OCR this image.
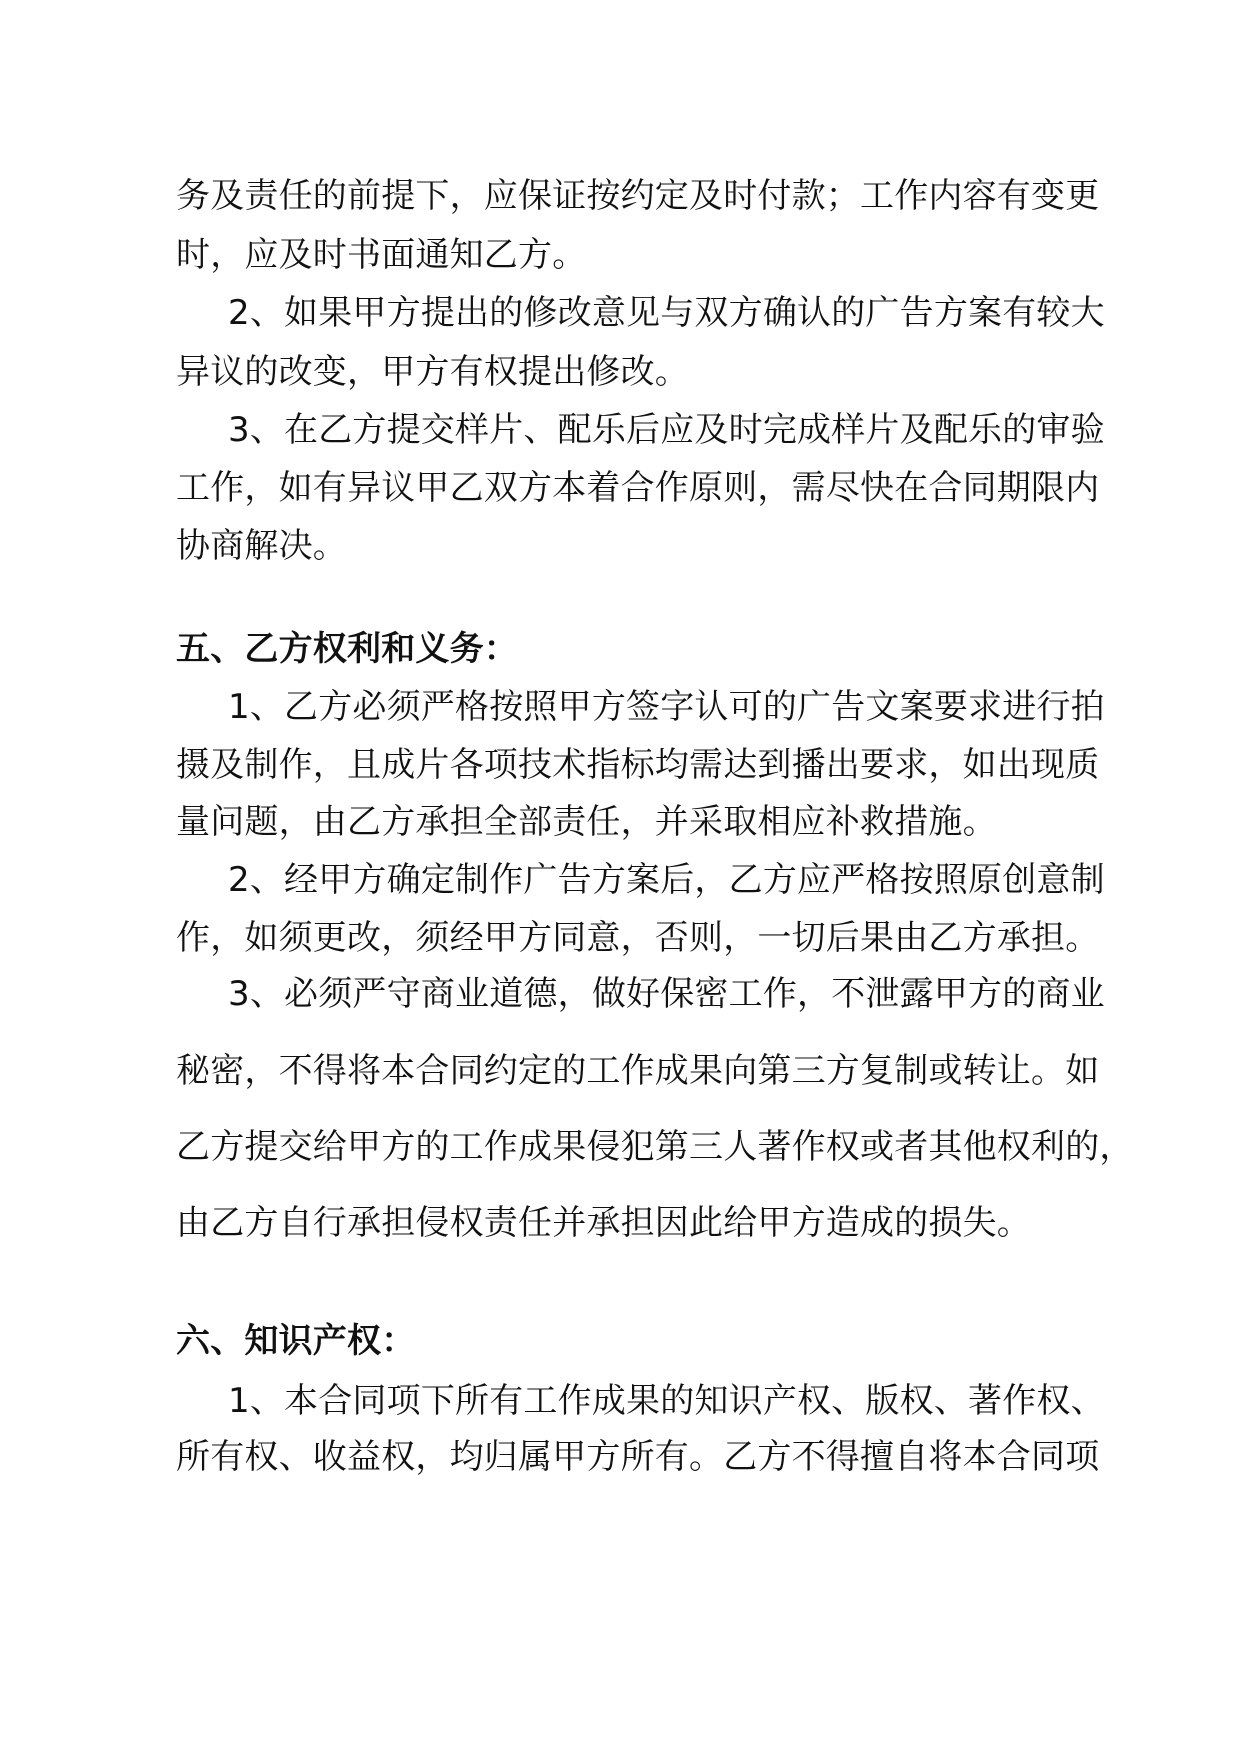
务及责任的前提下，应保证按约定及时付款；工作内容有变更

时，应及时书面通知乙方。

2、如果甲方提出的修改意见与双方确认的广告方案有较大

异议的改变，甲方有权提出修改。

3、在乙方提交样片、配乐后应及时完成样片及配乐的审验

工作，如有异议甲乙双方本着合作原则，需尽快在合同期限内

协商解决。

五、乙方权利和义务：

1、乙方必须严格按照甲方签字认可的广告文案要求进行拍

摄及制作，且成片各项技术指标均需达到播出要求，如出现质

量问题，由乙方承担全部责任，并采取相应补救措施。

2、经甲方确定制作广告方案后，乙方应严格按照原创意制

作，如须更改，须经甲方同意，否则，一切后果由乙方承担。

3、必须严守商业道德，做好保密工作，不泄露甲方的商业

秘密，不得将本合同约定的工作成果向第三方复制或转让。如

乙方提交给甲方的工作成果侵犯第三人著作权或者其他权利的，

由乙方自行承担侵权责任并承担因此给甲方造成的损失。

六、知识产权：

1、本合同项下所有工作成果的知识产权、版权、著作权、

所有权、收益权，均归属甲方所有。乙方不得擅自将本合同项
